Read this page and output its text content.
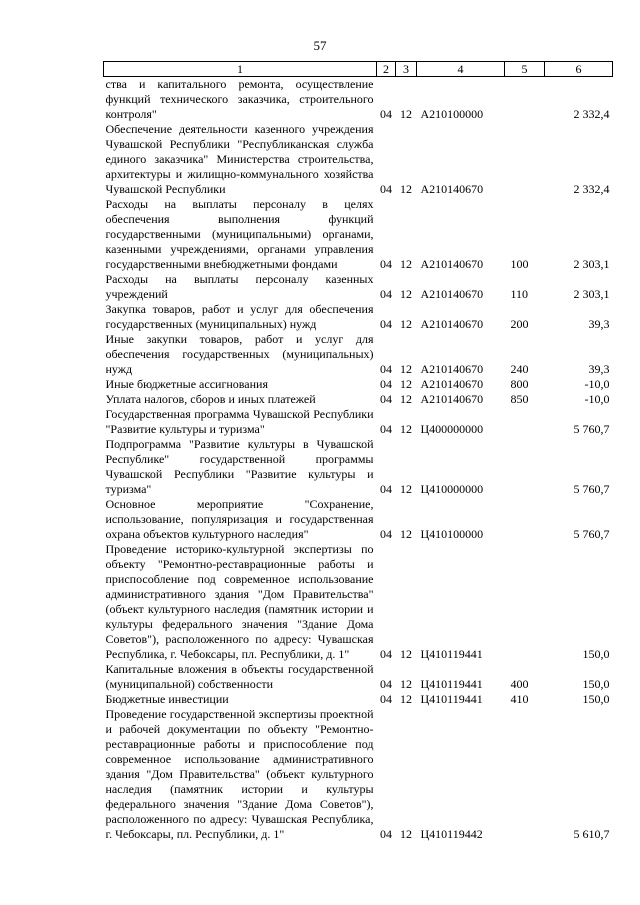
57
1	2	3	4	5	6
ства и капитального ремонта, осуществление функций технического заказчика, строительного контроля"	04	12	А210100000		2 332,4
Обеспечение деятельности казенного учреждения Чувашской Республики "Республиканская служба единого заказчика" Министерства строительства, архитектуры и жилищно-коммунального хозяйства Чувашской Республики	04	12	А210140670		2 332,4
Расходы на выплаты персоналу в целях обеспечения выполнения функций государственными (муниципальными) органами, казенными учреждениями, органами управления государственными внебюджетными фондами	04	12	А210140670	100	2 303,1
Расходы на выплаты персоналу казенных учреждений	04	12	А210140670	110	2 303,1
Закупка товаров, работ и услуг для обеспечения государственных (муниципальных) нужд	04	12	А210140670	200	39,3
Иные закупки товаров, работ и услуг для обеспечения государственных (муниципальных) нужд	04	12	А210140670	240	39,3
Иные бюджетные ассигнования	04	12	А210140670	800	-10,0
Уплата налогов, сборов и иных платежей	04	12	А210140670	850	-10,0
Государственная программа Чувашской Республики "Развитие культуры и туризма"	04	12	Ц400000000		5 760,7
Подпрограмма "Развитие культуры в Чувашской Республике" государственной программы Чувашской Республики "Развитие культуры и туризма"	04	12	Ц410000000		5 760,7
Основное мероприятие "Сохранение, использование, популяризация и государственная охрана объектов культурного наследия"	04	12	Ц410100000		5 760,7
Проведение историко-культурной экспертизы по объекту "Ремонтно-реставрационные работы и приспособление под современное использование административного здания "Дом Правительства" (объект культурного наследия (памятник истории и культуры федерального значения "Здание Дома Советов"), расположенного по адресу: Чувашская Республика, г. Чебоксары, пл. Республики, д. 1"	04	12	Ц410119441		150,0
Капитальные вложения в объекты государственной (муниципальной) собственности	04	12	Ц410119441	400	150,0
Бюджетные инвестиции	04	12	Ц410119441	410	150,0
Проведение государственной экспертизы проектной и рабочей документации по объекту "Ремонтно-реставрационные работы и приспособление под современное использование административного здания "Дом Правительства" (объект культурного наследия (памятник истории и культуры федерального значения "Здание Дома Советов"), расположенного по адресу: Чувашская Республика, г. Чебоксары, пл. Республики, д. 1"	04	12	Ц410119442		5 610,7
